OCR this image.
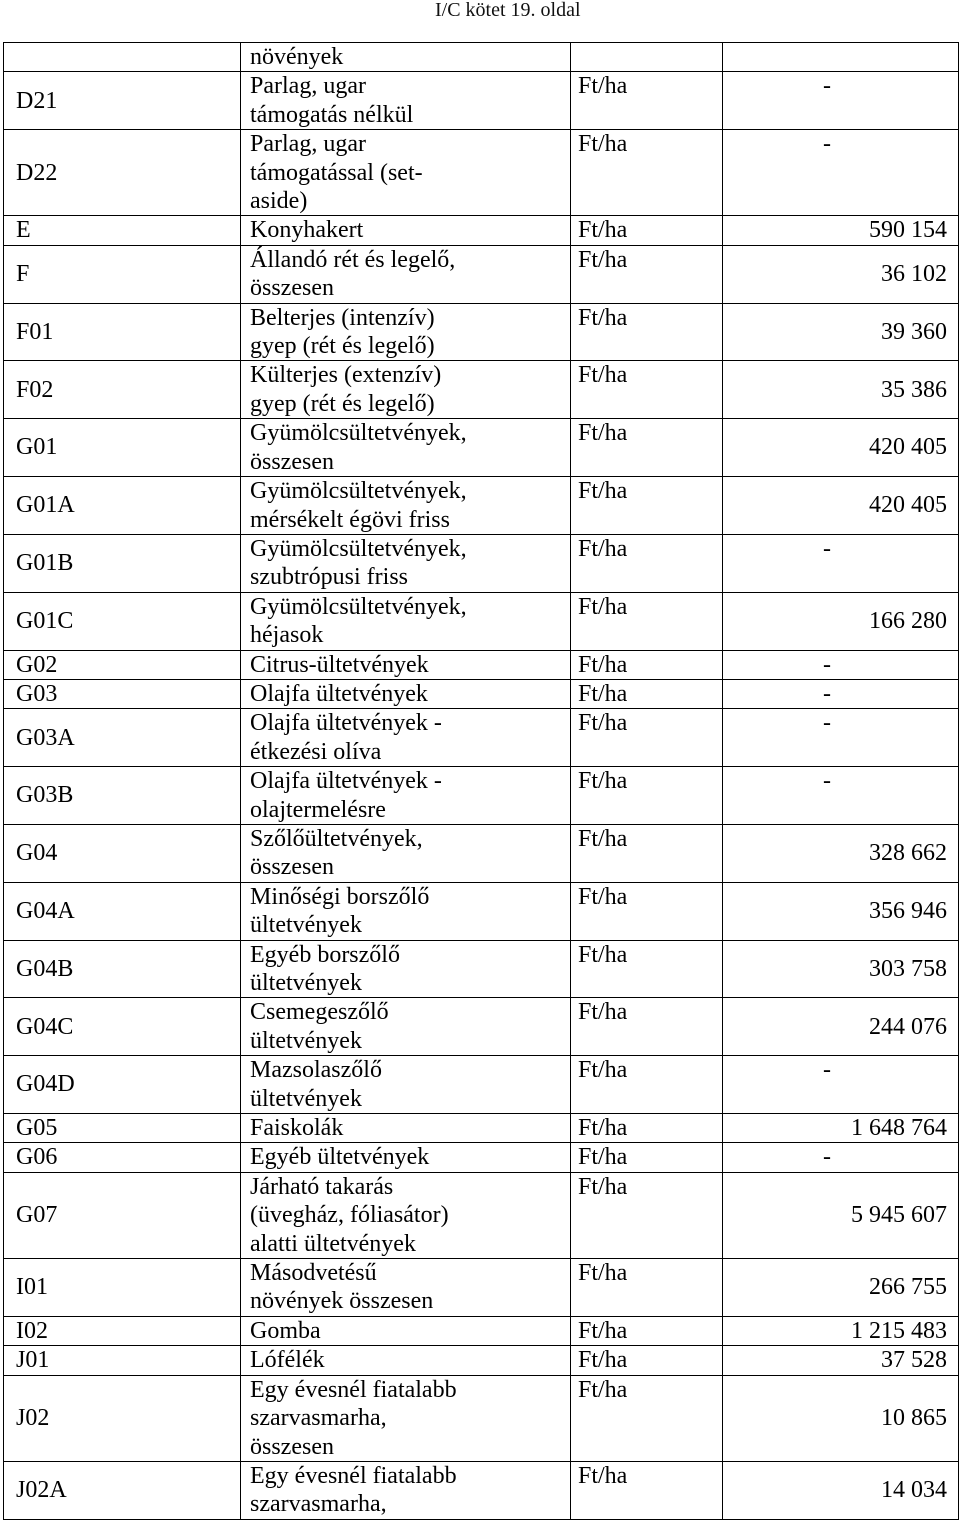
I/C kötet 19. oldal

	növények		

D21	Parlag, ugar
támogatás nélkül	Ft/ha	-
D22	Parlag, ugar
támogatással (set-
aside)	Ft/ha	-
E	Konyhakert	Ft/ha	590 154
F	Állandó rét és legelő,
összesen	Ft/ha	36 102
F01	Belterjes (intenzív)
gyep (rét és legelő)	Ft/ha	39 360
F02	Külterjes (extenzív)
gyep (rét és legelő)	Ft/ha	35 386
G01	Gyümölcsültetvények,
összesen	Ft/ha	420 405
G01A	Gyümölcsültetvények,
mérsékelt égövi friss	Ft/ha	420 405
G01B	Gyümölcsültetvények,
szubtrópusi friss	Ft/ha	-
G01C	Gyümölcsültetvények,
héjasok	Ft/ha	166 280
G02	Citrus-ültetvények	Ft/ha	-
G03	Olajfa ültetvények	Ft/ha	-
G03A	Olajfa ültetvények -
étkezési olíva	Ft/ha	-
G03B	Olajfa ültetvények -
olajtermelésre	Ft/ha	-
G04	Szőlőültetvények,
összesen	Ft/ha	328 662
G04A	Minőségi borszőlő
ültetvények	Ft/ha	356 946
G04B	Egyéb borszőlő
ültetvények	Ft/ha	303 758
G04C	Csemegeszőlő
ültetvények	Ft/ha	244 076
G04D	Mazsolaszőlő
ültetvények	Ft/ha	-
G05	Faiskolák	Ft/ha	1 648 764
G06	Egyéb ültetvények	Ft/ha	-
G07	Járható takarás
(üvegház, fóliasátor)
alatti ültetvények	Ft/ha	5 945 607
I01	Másodvetésű
növények összesen	Ft/ha	266 755
I02	Gomba	Ft/ha	1 215 483
J01	Lófélék	Ft/ha	37 528
J02	Egy évesnél fiatalabb
szarvasmarha,
összesen	Ft/ha	10 865
J02A	Egy évesnél fiatalabb
szarvasmarha,	Ft/ha	14 034
